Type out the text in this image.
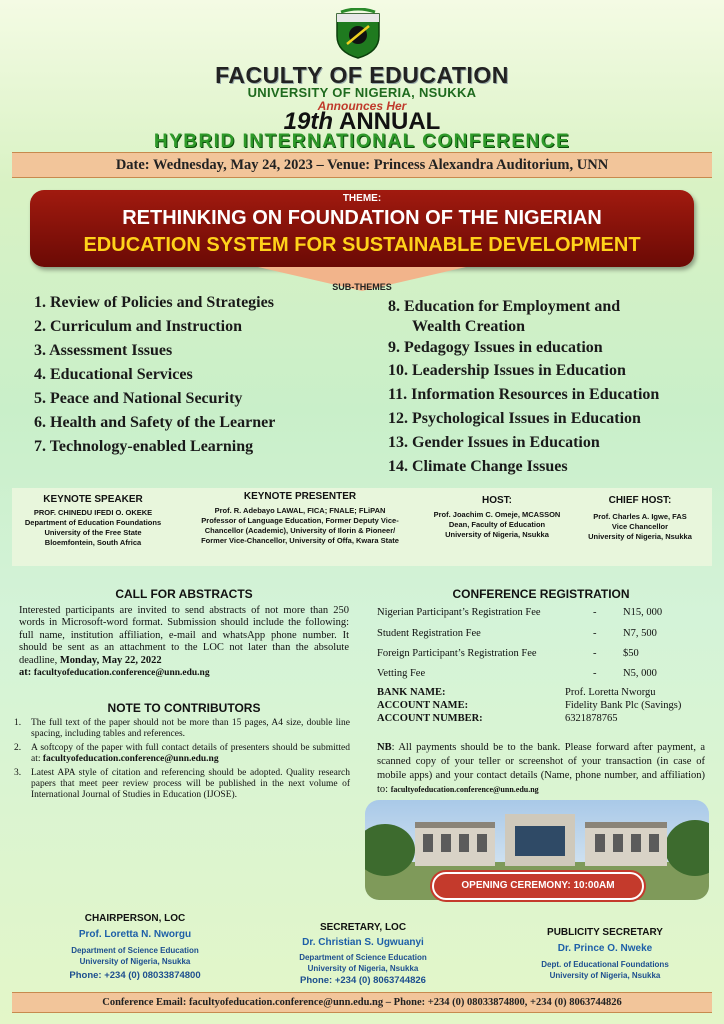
FACULTY OF EDUCATION
UNIVERSITY OF NIGERIA, NSUKKA
Announces Her
19th ANNUAL
HYBRID INTERNATIONAL CONFERENCE
Date: Wednesday, May 24, 2023 – Venue: Princess Alexandra Auditorium, UNN
THEME:
RETHINKING ON FOUNDATION OF THE NIGERIAN
EDUCATION SYSTEM FOR SUSTAINABLE DEVELOPMENT
SUB-THEMES
1. Review of Policies and Strategies
2. Curriculum and Instruction
3. Assessment Issues
4. Educational Services
5. Peace and National Security
6. Health and Safety of the Learner
7. Technology-enabled Learning
8. Education for Employment and
Wealth Creation
9. Pedagogy Issues in education
10. Leadership Issues in Education
11. Information Resources in Education
12. Psychological Issues in Education
13. Gender Issues in Education
14. Climate Change Issues
KEYNOTE SPEAKER
PROF. CHINEDU IFEDI O. OKEKE
Department of Education Foundations
University of the Free State
Bloemfontein, South Africa
KEYNOTE PRESENTER
Prof. R. Adebayo LAWAL, FICA; FNALE; FLiPAN
Professor of Language Education, Former Deputy Vice-
Chancellor (Academic), University of Ilorin & Pioneer/
Former Vice-Chancellor, University of Offa, Kwara State
HOST:
Prof. Joachim C. Omeje, MCASSON
Dean, Faculty of Education
University of Nigeria, Nsukka
CHIEF HOST:
Prof. Charles A. Igwe, FAS
Vice Chancellor
University of Nigeria, Nsukka
CALL FOR ABSTRACTS
Interested participants are invited to send abstracts of not more than 250 words in Microsoft-word format. Submission should include the following: full name, institution affiliation, e-mail and whatsApp phone number. It should be sent as an attachment to the LOC not later than the absolute deadline, Monday, May 22, 2022
at: facultyofeducation.conference@unn.edu.ng
NOTE TO CONTRIBUTORS
1.	The full text of the paper should not be more than 15 pages, A4 size, double line spacing, including tables and references.
2.	A softcopy of the paper with full contact details of presenters should be submitted at: facultyofeducation.conference@unn.edu.ng
3.	Latest APA style of citation and referencing should be adopted. Quality research papers that meet peer review process will be published in the next volume of International Journal of Studies in Education (IJOSE).
CONFERENCE REGISTRATION
Nigerian Participant’s Registration Fee	-	N15, 000
Student Registration Fee	-	N7, 500
Foreign Participant’s Registration Fee	-	$50
Vetting Fee	-	N5, 000
BANK NAME:	Prof. Loretta Nworgu
ACCOUNT NAME:	Fidelity Bank Plc (Savings)
ACCOUNT NUMBER:	6321878765
NB: All payments should be to the bank. Please forward after payment, a scanned copy of your teller or screenshot of your transaction (in case of mobile apps) and your contact details (Name, phone number, and affiliation) to: facultyofeducation.conference@unn.edu.ng
OPENING CEREMONY: 10:00AM
CHAIRPERSON, LOC
Prof. Loretta N. Nworgu
Department of Science Education
University of Nigeria, Nsukka
Phone: +234 (0) 08033874800
SECRETARY, LOC
Dr. Christian S. Ugwuanyi
Department of Science Education
University of Nigeria, Nsukka
Phone: +234 (0) 8063744826
PUBLICITY SECRETARY
Dr. Prince O. Nweke
Dept. of Educational Foundations
University of Nigeria, Nsukka
Conference Email: facultyofeducation.conference@unn.edu.ng – Phone: +234 (0) 08033874800, +234 (0) 8063744826
